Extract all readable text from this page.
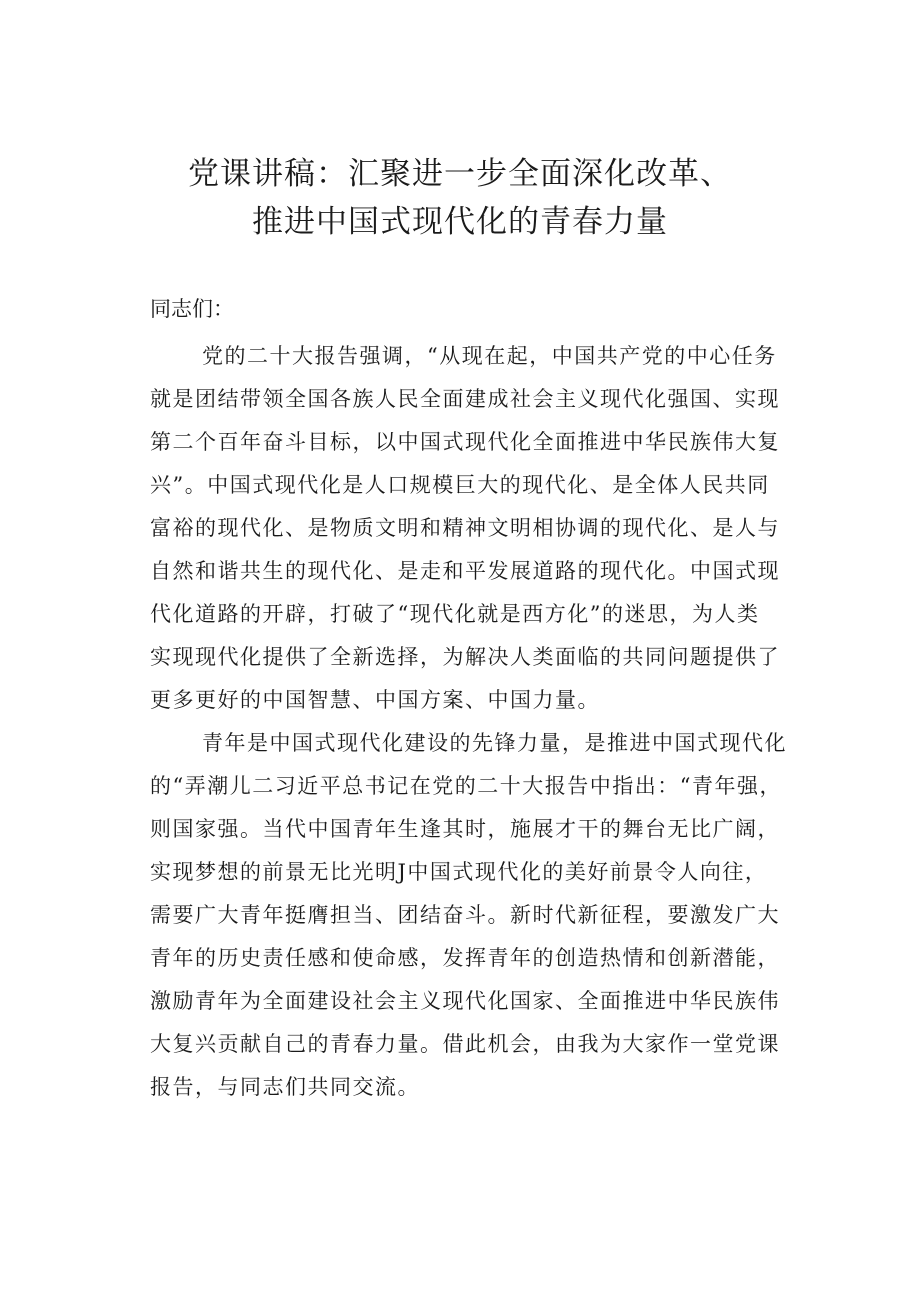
党课讲稿：汇聚进一步全面深化改革、
推进中国式现代化的青春力量
同志们：
党的二十大报告强调，“从现在起，中国共产党的中心任务
就是团结带领全国各族人民全面建成社会主义现代化强国、实现
第二个百年奋斗目标，以中国式现代化全面推进中华民族伟大复
兴”。中国式现代化是人口规模巨大的现代化、是全体人民共同
富裕的现代化、是物质文明和精神文明相协调的现代化、是人与
自然和谐共生的现代化、是走和平发展道路的现代化。中国式现
代化道路的开辟，打破了“现代化就是西方化”的迷思，为人类
实现现代化提供了全新选择，为解决人类面临的共同问题提供了
更多更好的中国智慧、中国方案、中国力量。
青年是中国式现代化建设的先锋力量，是推进中国式现代化
的“弄潮儿二习近平总书记在党的二十大报告中指出：“青年强，
则国家强。当代中国青年生逢其时，施展才干的舞台无比广阔，
实现梦想的前景无比光明J中国式现代化的美好前景令人向往，
需要广大青年挺膺担当、团结奋斗。新时代新征程，要激发广大
青年的历史责任感和使命感，发挥青年的创造热情和创新潜能，
激励青年为全面建设社会主义现代化国家、全面推进中华民族伟
大复兴贡献自己的青春力量。借此机会，由我为大家作一堂党课
报告，与同志们共同交流。
